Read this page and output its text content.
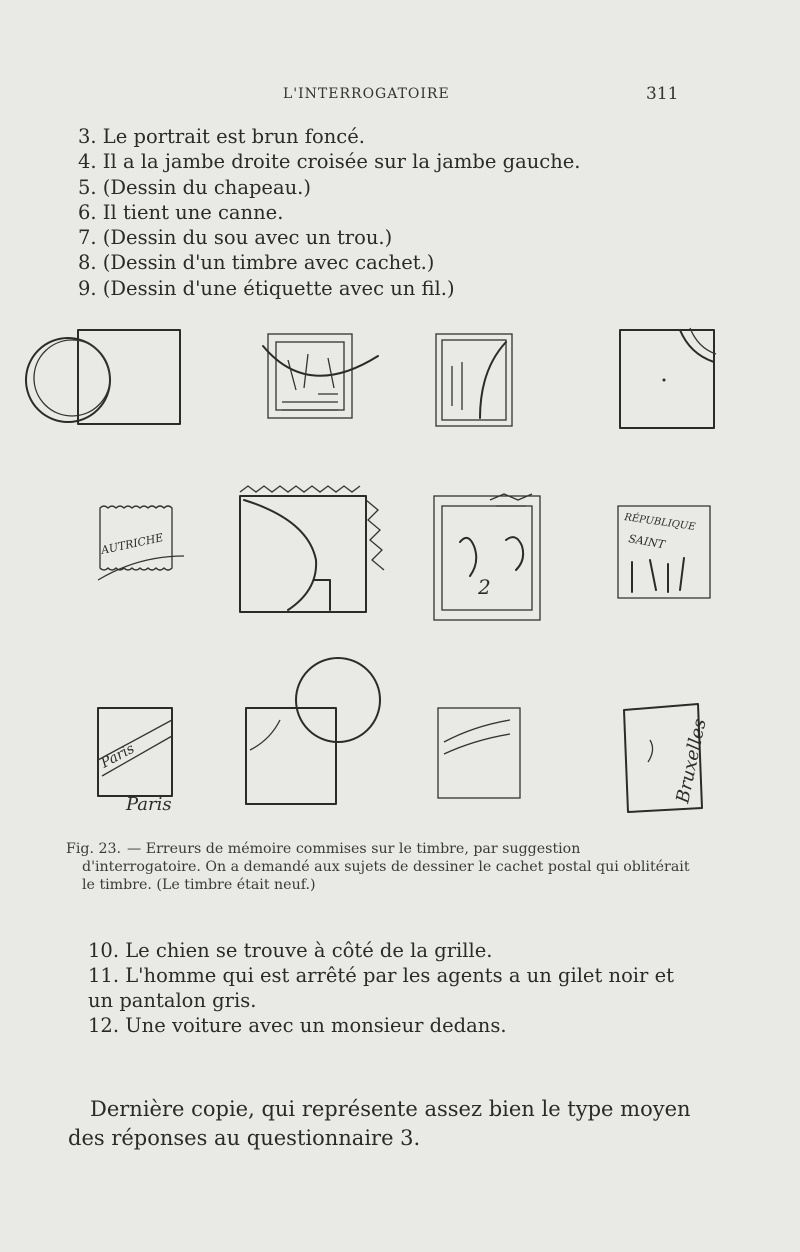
L'INTERROGATOIRE	311
3. Le portrait est brun foncé.
4. Il a la jambe droite croisée sur la jambe gauche.
5. (Dessin du chapeau.)
6. Il tient une canne.
7. (Dessin du sou avec un trou.)
8. (Dessin d'un timbre avec cachet.)
9. (Dessin d'une étiquette avec un fil.)
AUTRICHE
2
RÉPUBLIQUE
SAINT
Paris
Paris	Bruxelles
Fig. 23. — Erreurs de mémoire commises sur le timbre, par suggestion
d'interrogatoire. On a demandé aux sujets de dessiner le cachet postal qui oblitérait le timbre. (Le timbre était neuf.)

10. Le chien se trouve à côté de la grille.

11. L'homme qui est arrêté par les agents a un gilet noir et un pantalon gris.

12. Une voiture avec un monsieur dedans.

Dernière copie, qui représente assez bien le type moyen des réponses au questionnaire 3.
